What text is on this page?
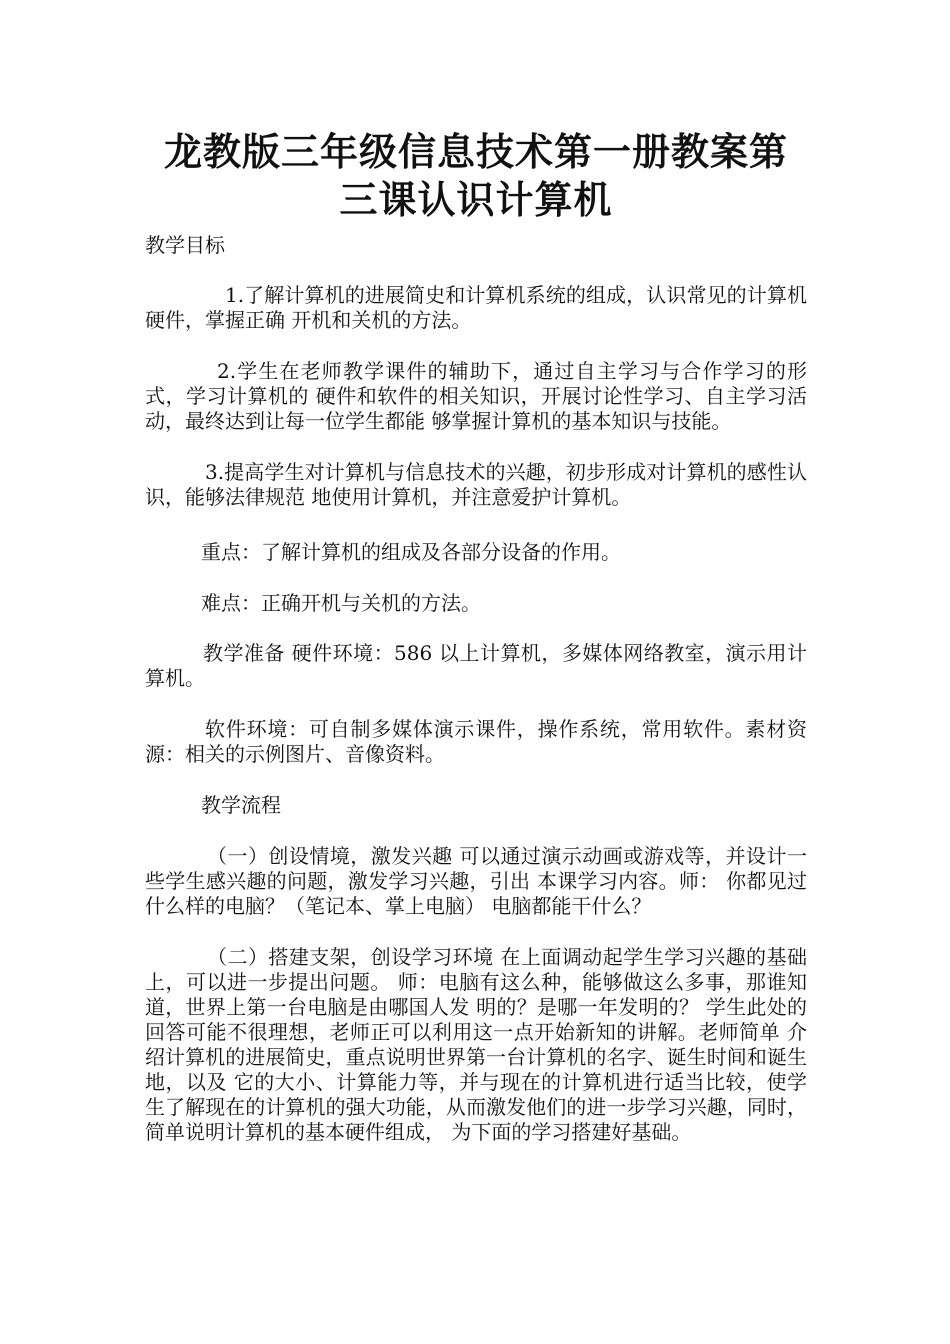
龙教版三年级信息技术第一册教案第三课认识计算机

教学目标

1.了解计算机的进展简史和计算机系统的组成，认识常见的计算机硬件，掌握正确 开机和关机的方法。

2.学生在老师教学课件的辅助下，通过自主学习与合作学习的形式，学习计算机的 硬件和软件的相关知识，开展讨论性学习、自主学习活动，最终达到让每一位学生都能 够掌握计算机的基本知识与技能。

3.提高学生对计算机与信息技术的兴趣，初步形成对计算机的感性认识，能够法律规范 地使用计算机，并注意爱护计算机。

重点：了解计算机的组成及各部分设备的作用。

难点：正确开机与关机的方法。

教学准备 硬件环境：586 以上计算机，多媒体网络教室，演示用计算机。

软件环境：可自制多媒体演示课件，操作系统，常用软件。素材资源：相关的示例图片、音像资料。

教学流程

（一）创设情境，激发兴趣 可以通过演示动画或游戏等，并设计一些学生感兴趣的问题，激发学习兴趣，引出 本课学习内容。师： 你都见过什么样的电脑？（笔记本、掌上电脑） 电脑都能干什么？

（二）搭建支架，创设学习环境 在上面调动起学生学习兴趣的基础上，可以进一步提出问题。 师：电脑有这么种，能够做这么多事，那谁知道，世界上第一台电脑是由哪国人发 明的？是哪一年发明的？ 学生此处的回答可能不很理想，老师正可以利用这一点开始新知的讲解。老师简单 介绍计算机的进展简史，重点说明世界第一台计算机的名字、诞生时间和诞生地，以及 它的大小、计算能力等，并与现在的计算机进行适当比较，使学生了解现在的计算机的强大功能，从而激发他们的进一步学习兴趣，同时，简单说明计算机的基本硬件组成， 为下面的学习搭建好基础。
